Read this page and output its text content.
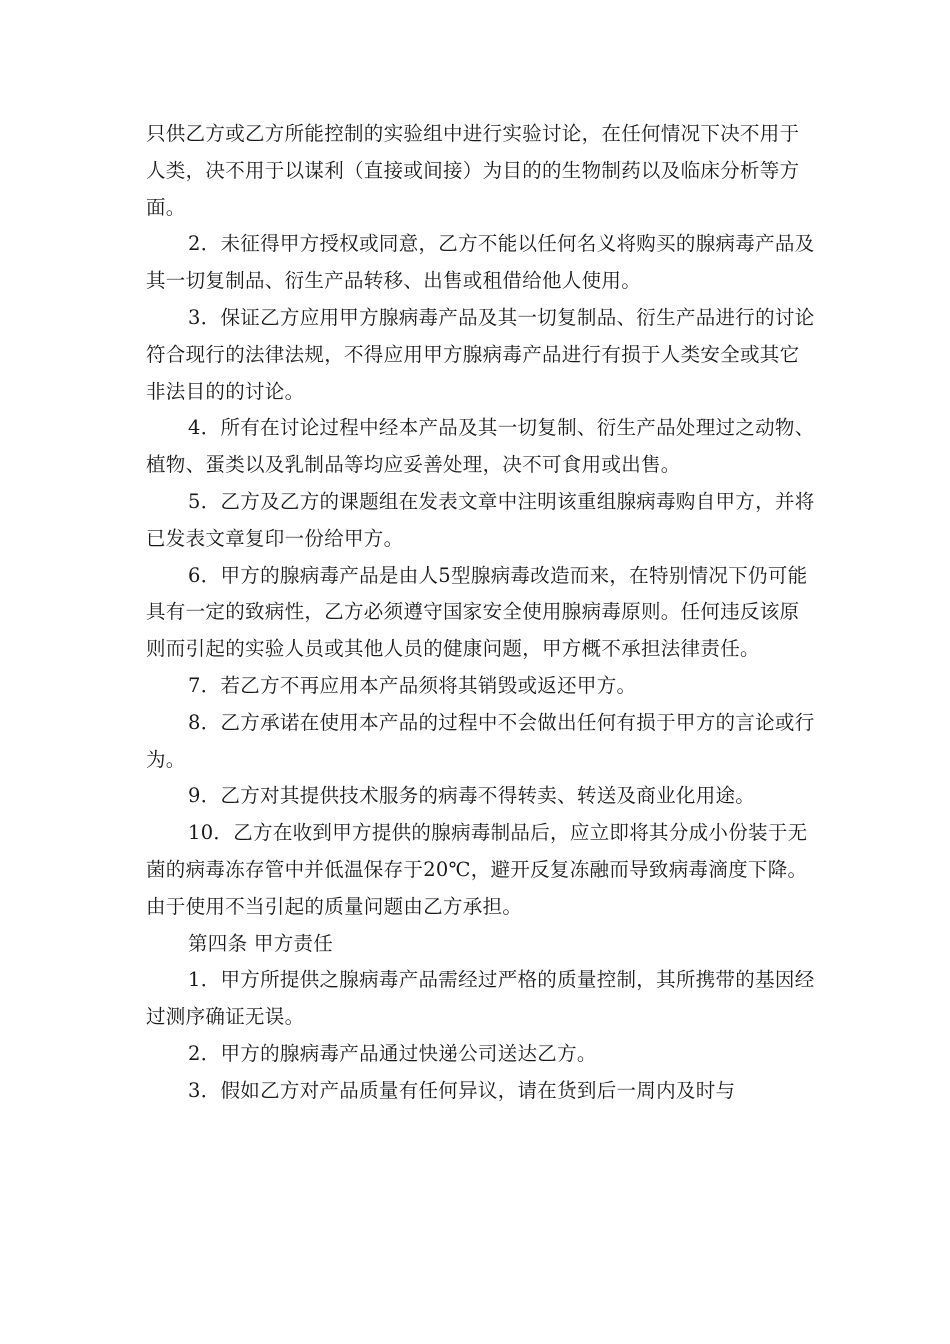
只供乙方或乙方所能控制的实验组中进行实验讨论，在任何情况下决不用于人类，决不用于以谋利（直接或间接）为目的的生物制药以及临床分析等方面。

2．未征得甲方授权或同意，乙方不能以任何名义将购买的腺病毒产品及其一切复制品、衍生产品转移、出售或租借给他人使用。

3．保证乙方应用甲方腺病毒产品及其一切复制品、衍生产品进行的讨论符合现行的法律法规，不得应用甲方腺病毒产品进行有损于人类安全或其它非法目的的讨论。

4．所有在讨论过程中经本产品及其一切复制、衍生产品处理过之动物、植物、蛋类以及乳制品等均应妥善处理，决不可食用或出售。

5．乙方及乙方的课题组在发表文章中注明该重组腺病毒购自甲方，并将已发表文章复印一份给甲方。

6．甲方的腺病毒产品是由人5型腺病毒改造而来，在特别情况下仍可能具有一定的致病性，乙方必须遵守国家安全使用腺病毒原则。任何违反该原则而引起的实验人员或其他人员的健康问题，甲方概不承担法律责任。

7．若乙方不再应用本产品须将其销毁或返还甲方。

8．乙方承诺在使用本产品的过程中不会做出任何有损于甲方的言论或行为。

9．乙方对其提供技术服务的病毒不得转卖、转送及商业化用途。

10．乙方在收到甲方提供的腺病毒制品后，应立即将其分成小份装于无菌的病毒冻存管中并低温保存于20℃，避开反复冻融而导致病毒滴度下降。由于使用不当引起的质量问题由乙方承担。

第四条 甲方责任

1．甲方所提供之腺病毒产品需经过严格的质量控制，其所携带的基因经过测序确证无误。

2．甲方的腺病毒产品通过快递公司送达乙方。

3．假如乙方对产品质量有任何异议，请在货到后一周内及时与
